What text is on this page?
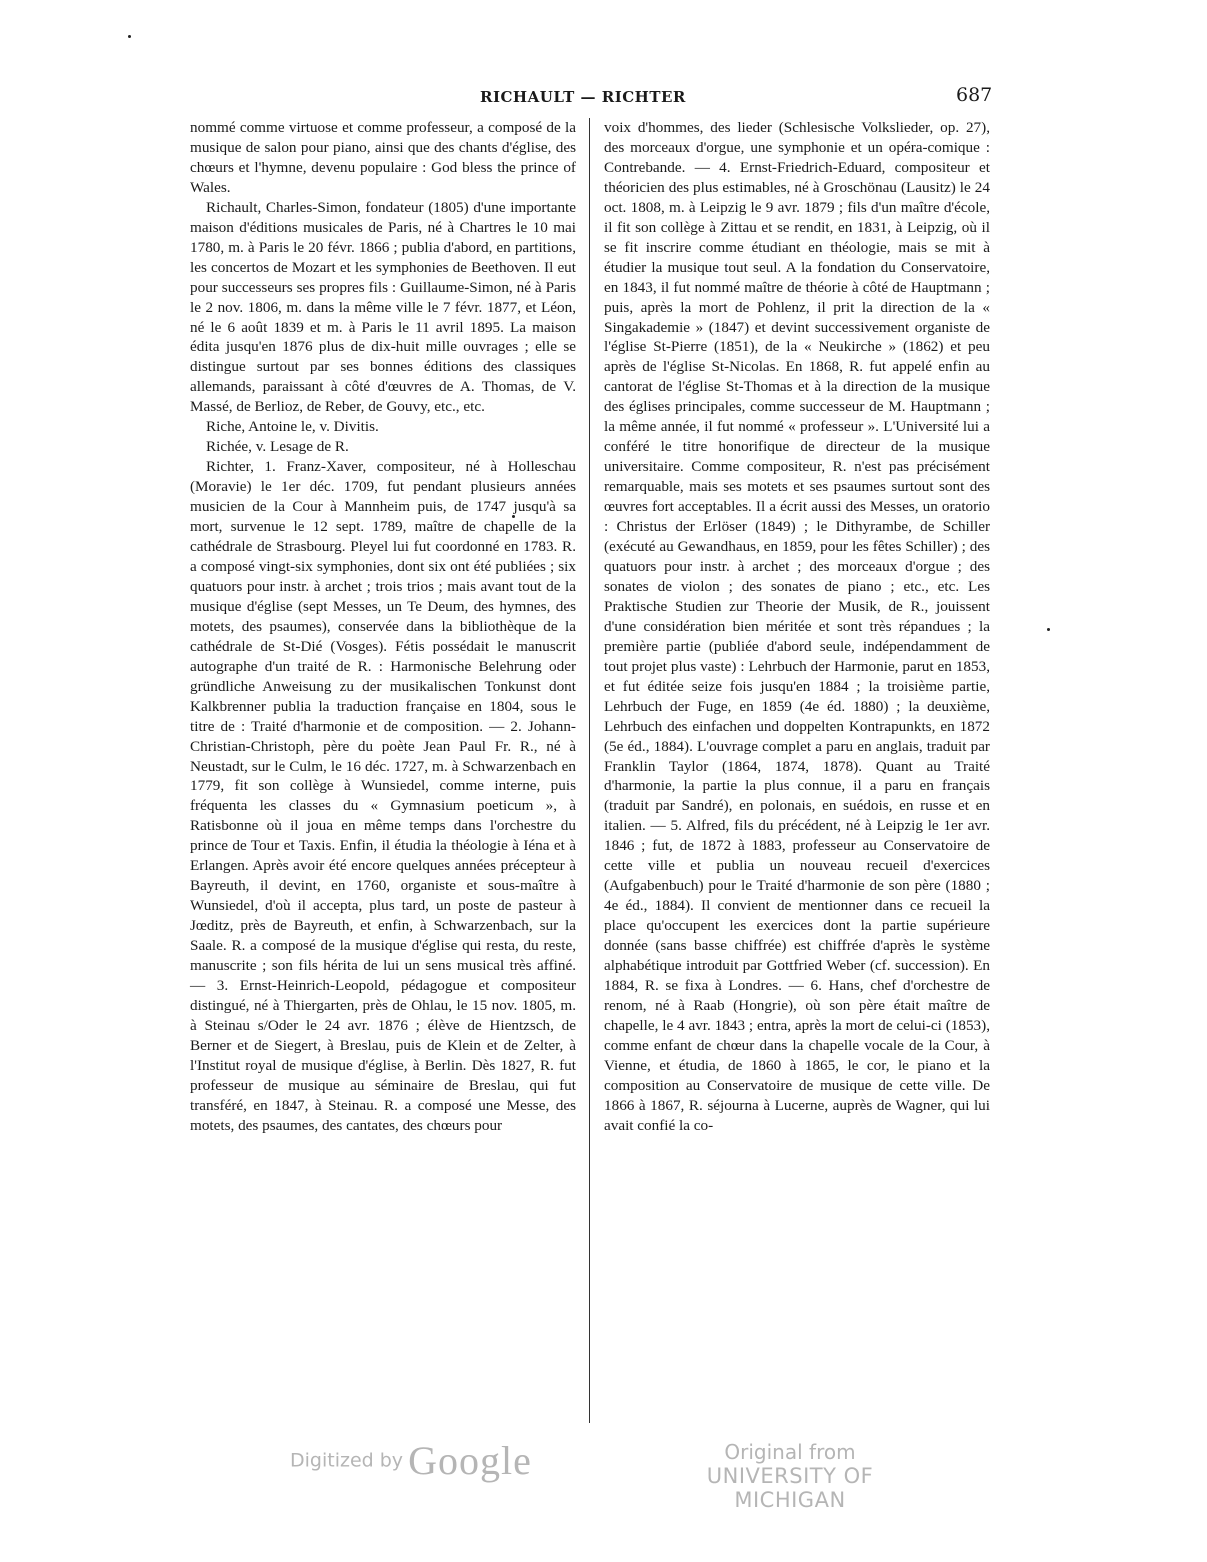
RICHAULT — RICHTER	687

nommé comme virtuose et comme professeur, a composé de la musique de salon pour piano, ainsi que des chants d'église, des chœurs et l'hymne, devenu populaire : God bless the prince of Wales.

Richault, Charles-Simon, fondateur (1805) d'une importante maison d'éditions musicales de Paris, né à Chartres le 10 mai 1780, m. à Paris le 20 févr. 1866 ; publia d'abord, en partitions, les concertos de Mozart et les symphonies de Beethoven. Il eut pour successeurs ses propres fils : Guillaume-Simon, né à Paris le 2 nov. 1806, m. dans la même ville le 7 févr. 1877, et Léon, né le 6 août 1839 et m. à Paris le 11 avril 1895. La maison édita jusqu'en 1876 plus de dix-huit mille ouvrages ; elle se distingue surtout par ses bonnes éditions des classiques allemands, paraissant à côté d'œuvres de A. Thomas, de V. Massé, de Berlioz, de Reber, de Gouvy, etc., etc.

Riche, Antoine le, v. Divitis.

Richée, v. Lesage de R.

Richter, 1. Franz-Xaver, compositeur, né à Holleschau (Moravie) le 1er déc. 1709, fut pendant plusieurs années musicien de la Cour à Mannheim puis, de 1747 jusqu'à sa mort, survenue le 12 sept. 1789, maître de chapelle de la cathédrale de Strasbourg. Pleyel lui fut coordonné en 1783. R. a composé vingt-six symphonies, dont six ont été publiées ; six quatuors pour instr. à archet ; trois trios ; mais avant tout de la musique d'église (sept Messes, un Te Deum, des hymnes, des motets, des psaumes), conservée dans la bibliothèque de la cathédrale de St-Dié (Vosges). Fétis possédait le manuscrit autographe d'un traité de R. : Harmonische Belehrung oder gründliche Anweisung zu der musikalischen Tonkunst dont Kalkbrenner publia la traduction française en 1804, sous le titre de : Traité d'harmonie et de composition. — 2. Johann-Christian-Christoph, père du poète Jean Paul Fr. R., né à Neustadt, sur le Culm, le 16 déc. 1727, m. à Schwarzenbach en 1779, fit son collège à Wunsiedel, comme interne, puis fréquenta les classes du « Gymnasium poeticum », à Ratisbonne où il joua en même temps dans l'orchestre du prince de Tour et Taxis. Enfin, il étudia la théologie à Iéna et à Erlangen. Après avoir été encore quelques années précepteur à Bayreuth, il devint, en 1760, organiste et sous-maître à Wunsiedel, d'où il accepta, plus tard, un poste de pasteur à Jœditz, près de Bayreuth, et enfin, à Schwarzenbach, sur la Saale. R. a composé de la musique d'église qui resta, du reste, manuscrite ; son fils hérita de lui un sens musical très affiné. — 3. Ernst-Heinrich-Leopold, pédagogue et compositeur distingué, né à Thiergarten, près de Ohlau, le 15 nov. 1805, m. à Steinau s/Oder le 24 avr. 1876 ; élève de Hientzsch, de Berner et de Siegert, à Breslau, puis de Klein et de Zelter, à l'Institut royal de musique d'église, à Berlin. Dès 1827, R. fut professeur de musique au séminaire de Breslau, qui fut transféré, en 1847, à Steinau. R. a composé une Messe, des motets, des psaumes, des cantates, des chœurs pour

voix d'hommes, des lieder (Schlesische Volkslieder, op. 27), des morceaux d'orgue, une symphonie et un opéra-comique : Contrebande. — 4. Ernst-Friedrich-Eduard, compositeur et théoricien des plus estimables, né à Groschönau (Lausitz) le 24 oct. 1808, m. à Leipzig le 9 avr. 1879 ; fils d'un maître d'école, il fit son collège à Zittau et se rendit, en 1831, à Leipzig, où il se fit inscrire comme étudiant en théologie, mais se mit à étudier la musique tout seul. A la fondation du Conservatoire, en 1843, il fut nommé maître de théorie à côté de Hauptmann ; puis, après la mort de Pohlenz, il prit la direction de la « Singakademie » (1847) et devint successivement organiste de l'église St-Pierre (1851), de la « Neukirche » (1862) et peu après de l'église St-Nicolas. En 1868, R. fut appelé enfin au cantorat de l'église St-Thomas et à la direction de la musique des églises principales, comme successeur de M. Hauptmann ; la même année, il fut nommé « professeur ». L'Université lui a conféré le titre honorifique de directeur de la musique universitaire. Comme compositeur, R. n'est pas précisément remarquable, mais ses motets et ses psaumes surtout sont des œuvres fort acceptables. Il a écrit aussi des Messes, un oratorio : Christus der Erlöser (1849) ; le Dithyrambe, de Schiller (exécuté au Gewandhaus, en 1859, pour les fêtes Schiller) ; des quatuors pour instr. à archet ; des morceaux d'orgue ; des sonates de violon ; des sonates de piano ; etc., etc. Les Praktische Studien zur Theorie der Musik, de R., jouissent d'une considération bien méritée et sont très répandues ; la première partie (publiée d'abord seule, indépendamment de tout projet plus vaste) : Lehrbuch der Harmonie, parut en 1853, et fut éditée seize fois jusqu'en 1884 ; la troisième partie, Lehrbuch der Fuge, en 1859 (4e éd. 1880) ; la deuxième, Lehrbuch des einfachen und doppelten Kontrapunkts, en 1872 (5e éd., 1884). L'ouvrage complet a paru en anglais, traduit par Franklin Taylor (1864, 1874, 1878). Quant au Traité d'harmonie, la partie la plus connue, il a paru en français (traduit par Sandré), en polonais, en suédois, en russe et en italien. — 5. Alfred, fils du précédent, né à Leipzig le 1er avr. 1846 ; fut, de 1872 à 1883, professeur au Conservatoire de cette ville et publia un nouveau recueil d'exercices (Aufgabenbuch) pour le Traité d'harmonie de son père (1880 ; 4e éd., 1884). Il convient de mentionner dans ce recueil la place qu'occupent les exercices dont la partie supérieure donnée (sans basse chiffrée) est chiffrée d'après le système alphabétique introduit par Gottfried Weber (cf. succession). En 1884, R. se fixa à Londres. — 6. Hans, chef d'orchestre de renom, né à Raab (Hongrie), où son père était maître de chapelle, le 4 avr. 1843 ; entra, après la mort de celui-ci (1853), comme enfant de chœur dans la chapelle vocale de la Cour, à Vienne, et étudia, de 1860 à 1865, le cor, le piano et la composition au Conservatoire de musique de cette ville. De 1866 à 1867, R. séjourna à Lucerne, auprès de Wagner, qui lui avait confié la co-

Digitized by Google	Original from
UNIVERSITY OF MICHIGAN
